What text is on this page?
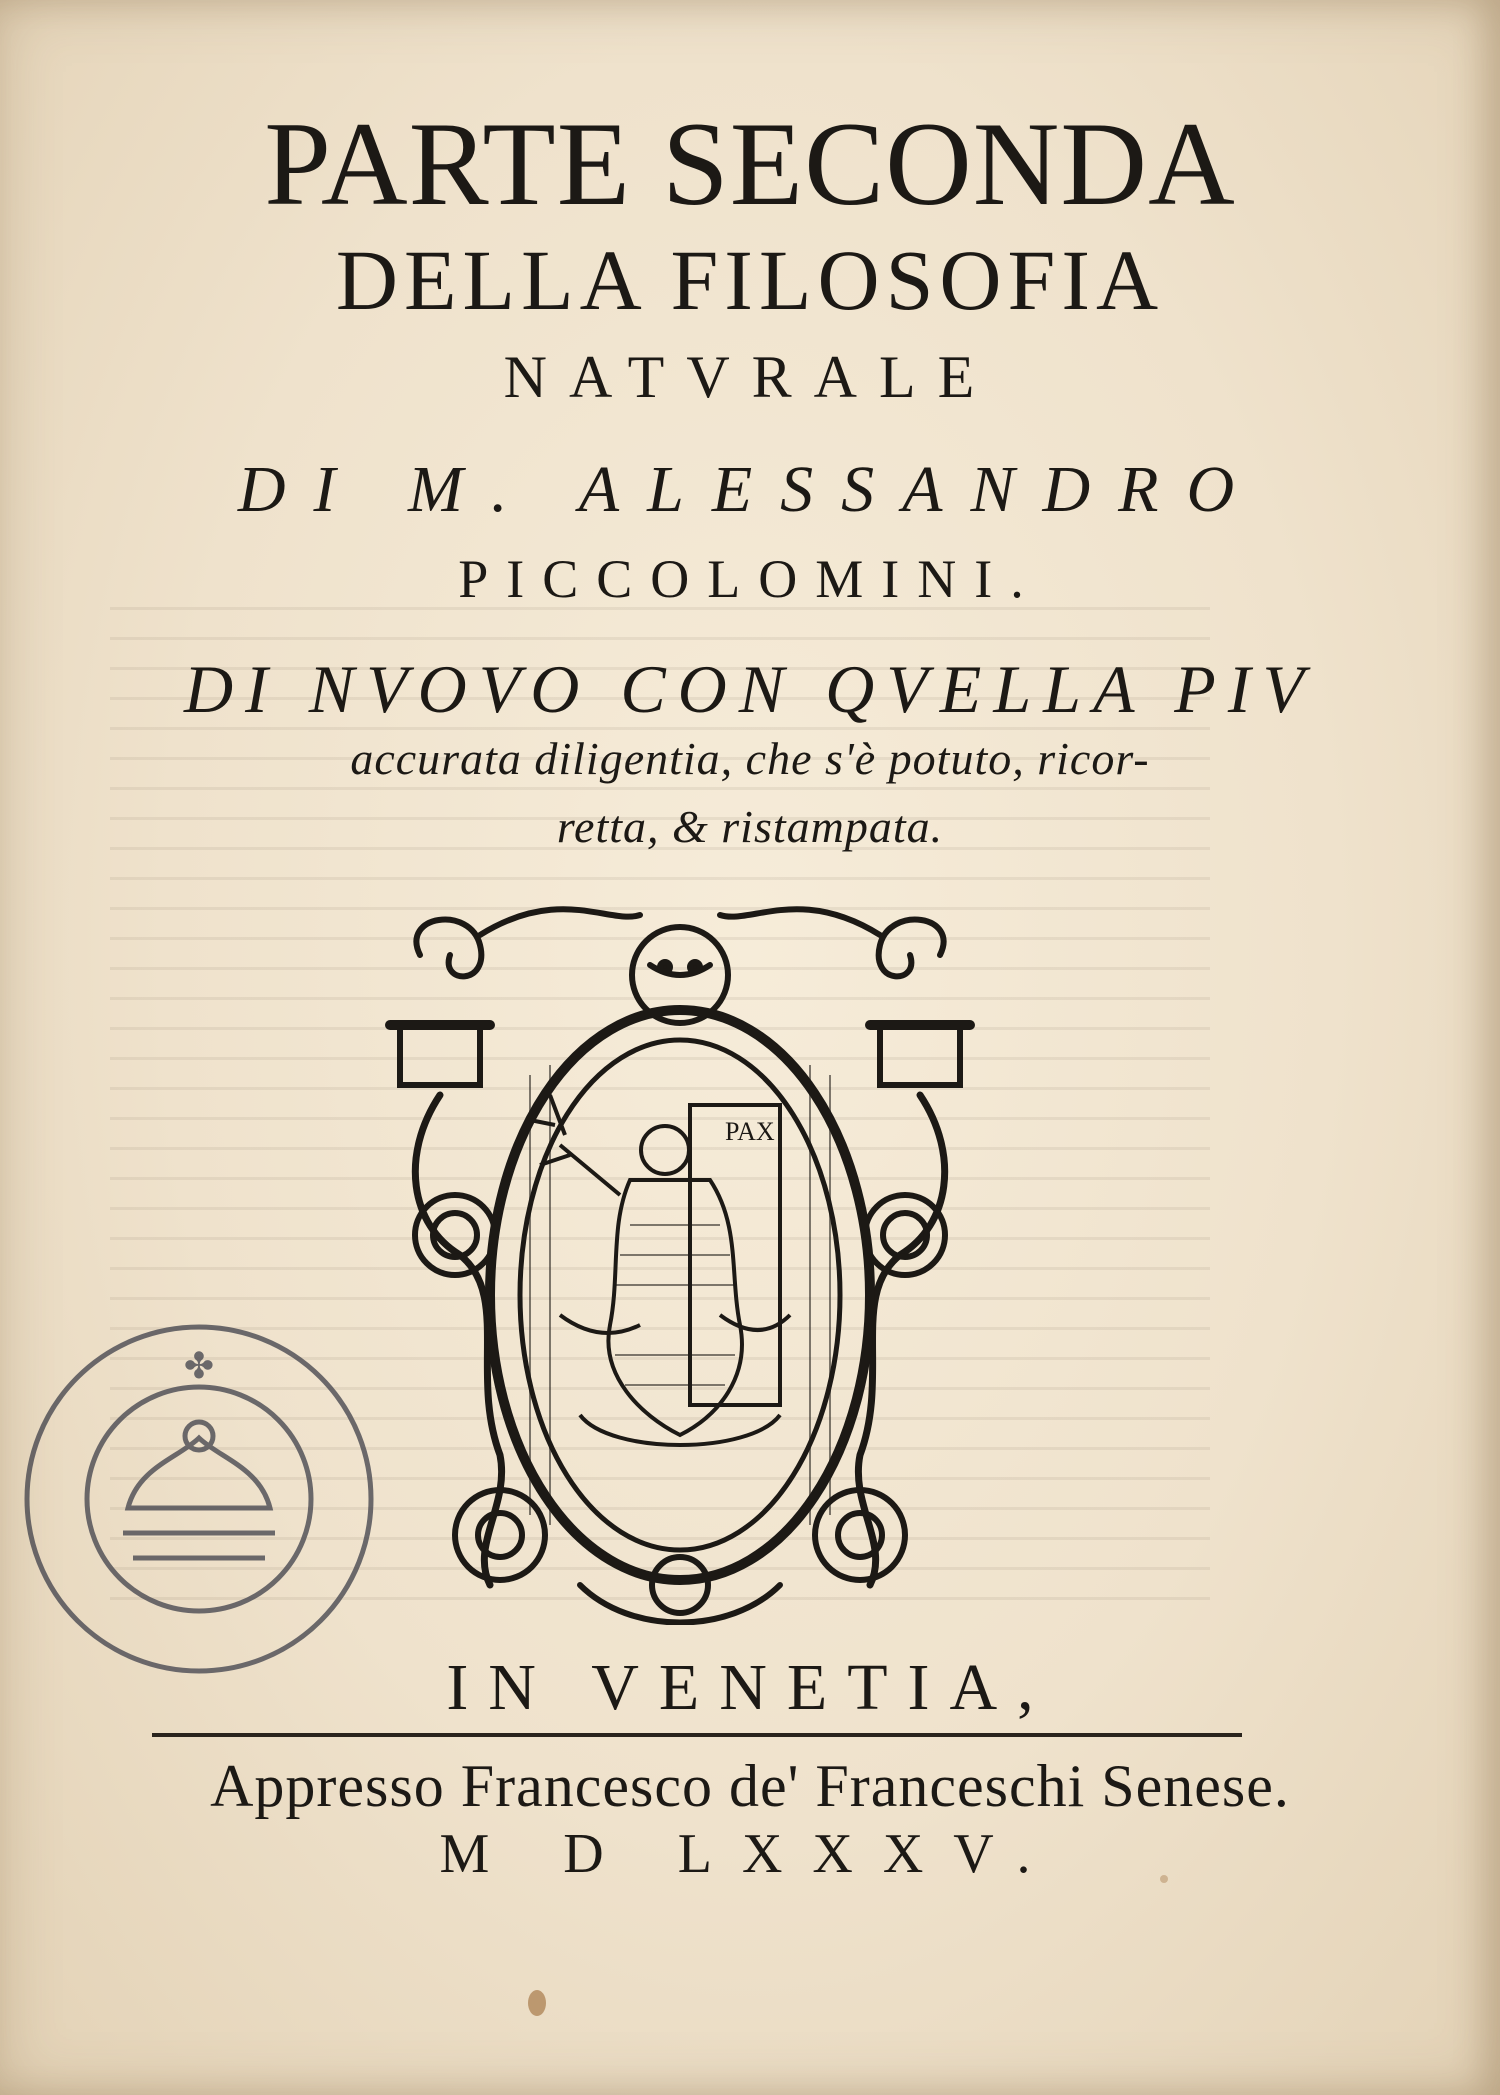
PARTE SECONDA
DELLA FILOSOFIA
NATVRALE
DI M. ALESSANDRO
PICCOLOMINI.
DI NVOVO CON QVELLA PIV
accurata diligentia, che s'è potuto, ricor-
retta, & ristampata.
PAX
✤
IN VENETIA,
Appresso Francesco de' Franceschi Senese.
M D LXXXV.
